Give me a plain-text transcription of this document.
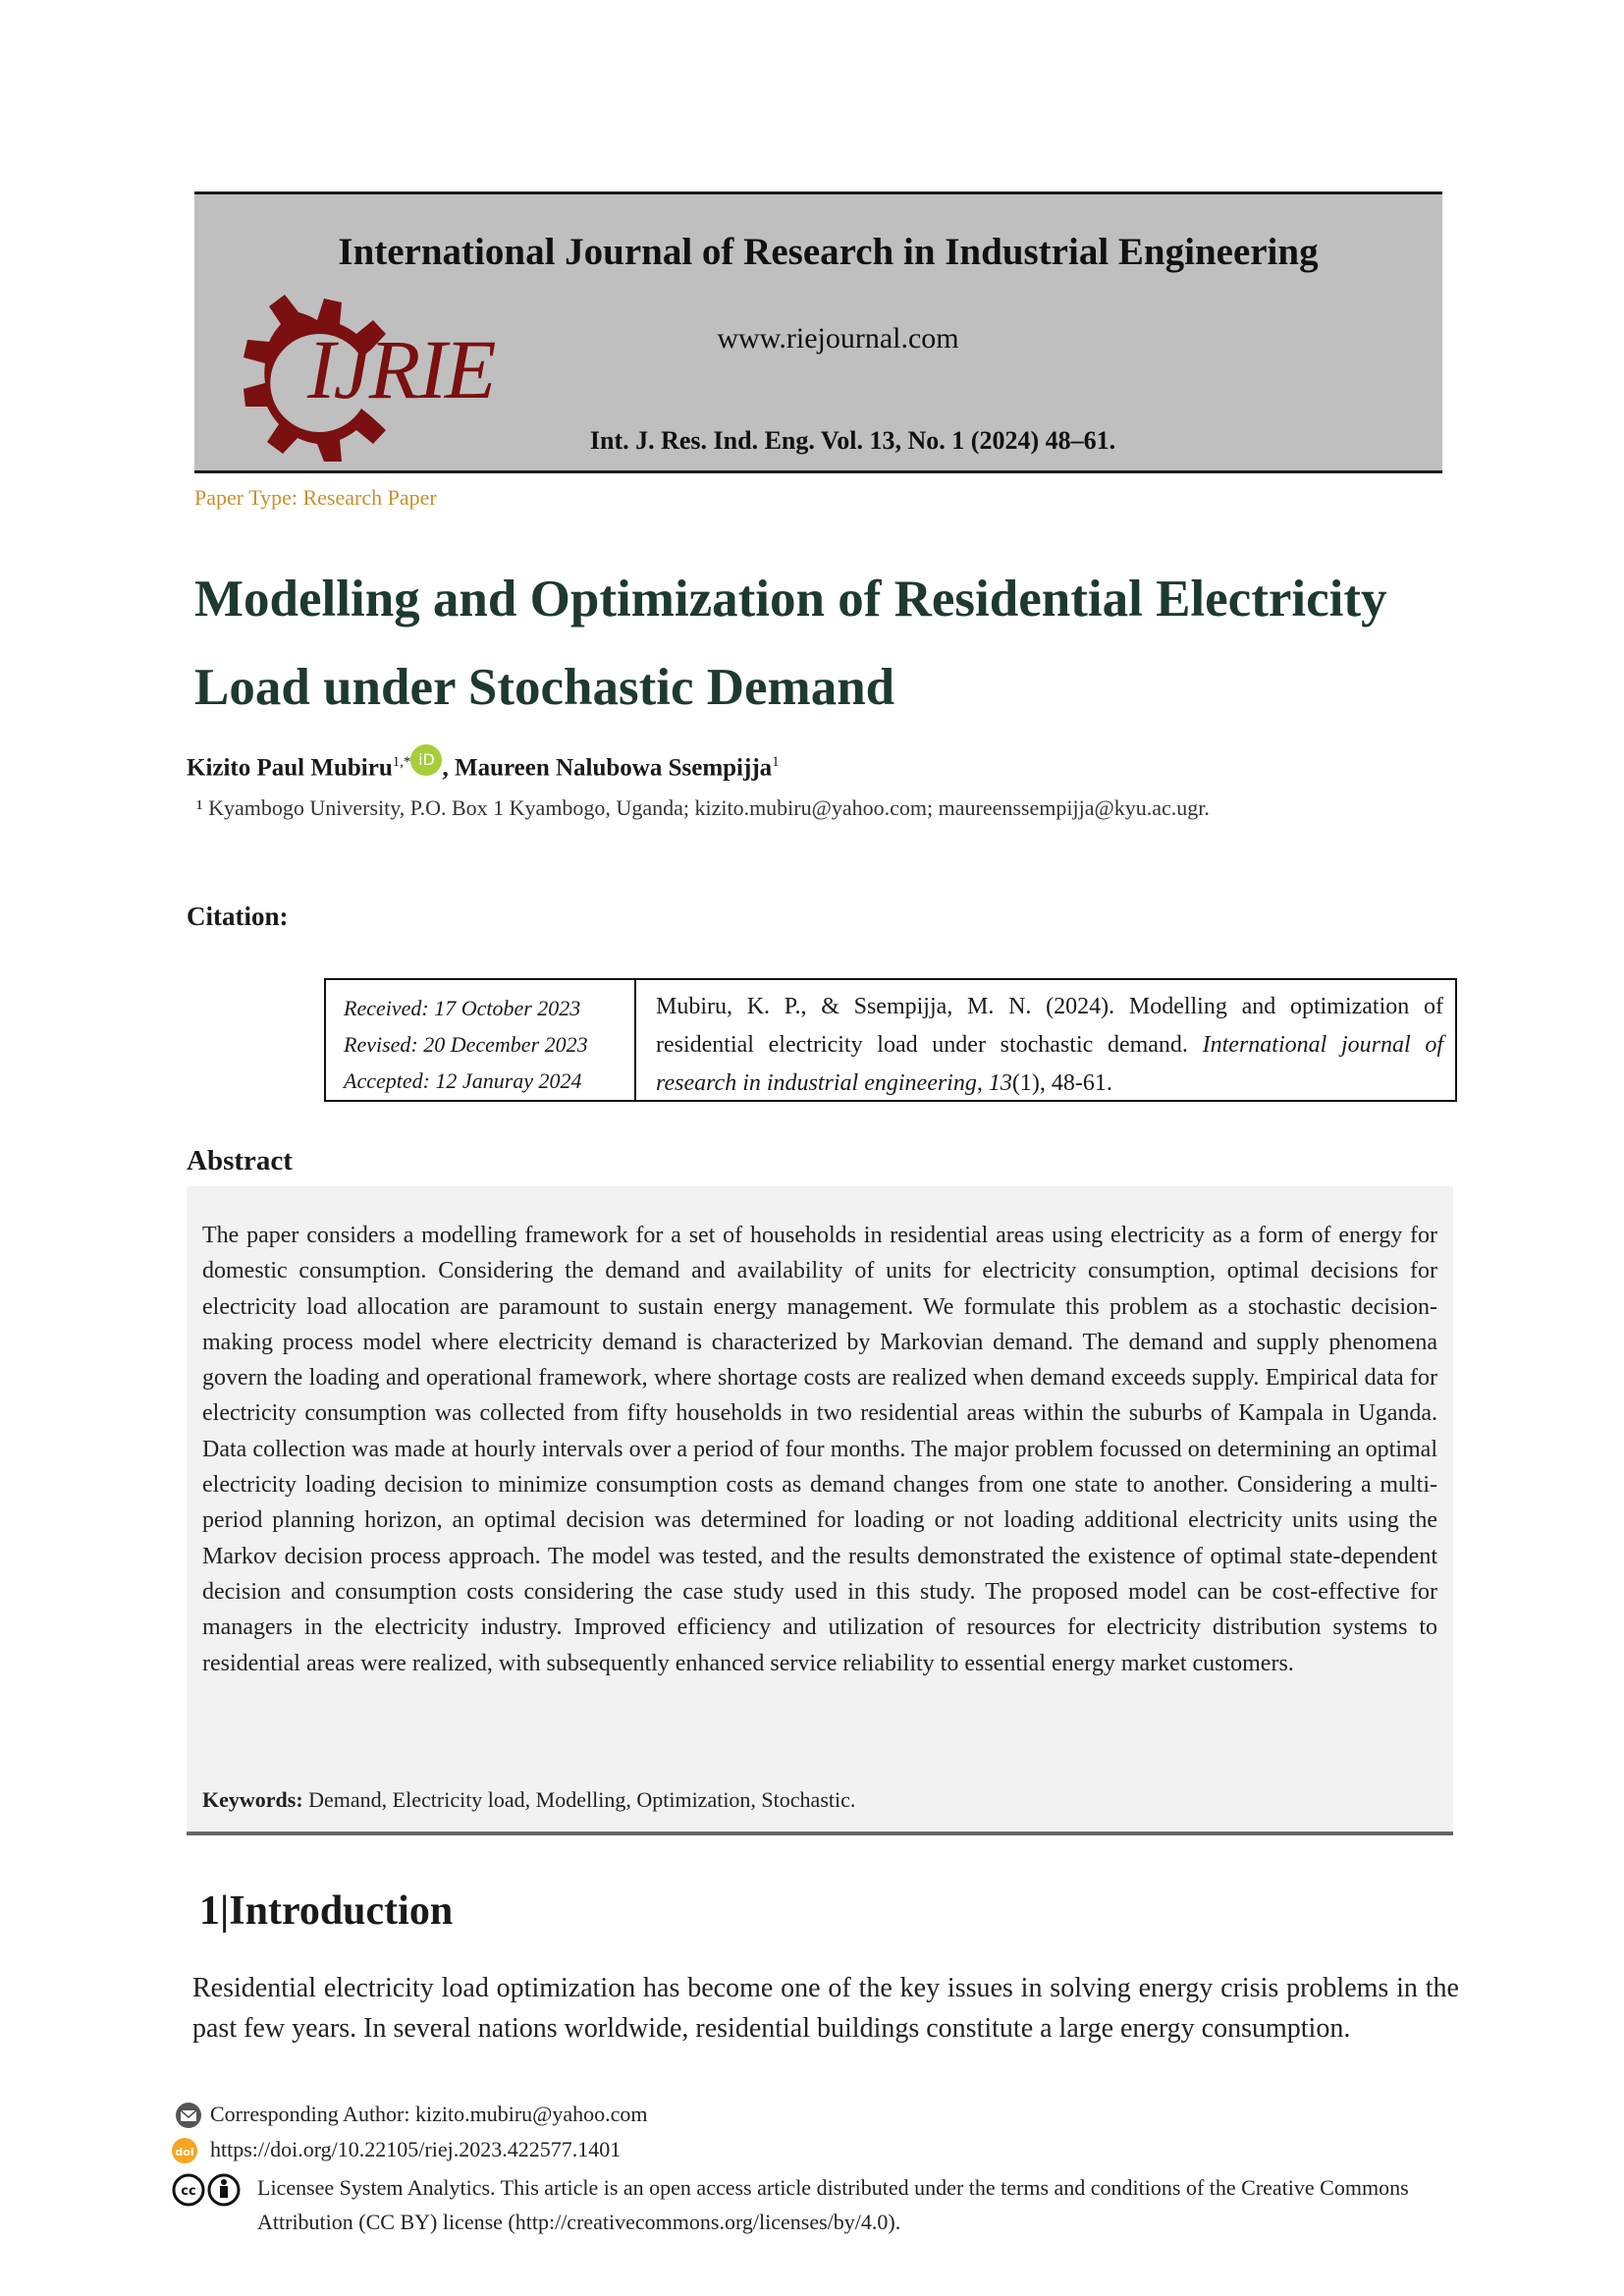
International Journal of Research in Industrial Engineering
www.riejournal.com
Int. J. Res. Ind. Eng. Vol. 13, No. 1 (2024) 48–61.
IJRIE
Paper Type: Research Paper
Modelling and Optimization of Residential Electricity Load under Stochastic Demand
Kizito Paul Mubiru$^{1,*}$ iD , Maureen Nalubowa Ssempijja$^1$
¹ Kyambogo University, P.O. Box 1 Kyambogo, Uganda; kizito.mubiru@yahoo.com; maureenssempijja@kyu.ac.ugr.
Citation:
Received: 17 October 2023
Revised: 20 December 2023
Accepted: 12 Januray 2024
Mubiru, K. P., & Ssempijja, M. N. (2024). Modelling and optimization of residential electricity load under stochastic demand. International journal of research in industrial engineering, 13(1), 48-61.
Abstract
The paper considers a modelling framework for a set of households in residential areas using electricity as a form of energy for domestic consumption. Considering the demand and availability of units for electricity consumption, optimal decisions for electricity load allocation are paramount to sustain energy management. We formulate this problem as a stochastic decision-making process model where electricity demand is characterized by Markovian demand. The demand and supply phenomena govern the loading and operational framework, where shortage costs are realized when demand exceeds supply. Empirical data for electricity consumption was collected from fifty households in two residential areas within the suburbs of Kampala in Uganda. Data collection was made at hourly intervals over a period of four months. The major problem focussed on determining an optimal electricity loading decision to minimize consumption costs as demand changes from one state to another. Considering a multi-period planning horizon, an optimal decision was determined for loading or not loading additional electricity units using the Markov decision process approach. The model was tested, and the results demonstrated the existence of optimal state-dependent decision and consumption costs considering the case study used in this study. The proposed model can be cost-effective for managers in the electricity industry. Improved efficiency and utilization of resources for electricity distribution systems to residential areas were realized, with subsequently enhanced service reliability to essential energy market customers.
Keywords: Demand, Electricity load, Modelling, Optimization, Stochastic.
1|Introduction
Residential electricity load optimization has become one of the key issues in solving energy crisis problems in the past few years. In several nations worldwide, residential buildings constitute a large energy consumption.
Corresponding Author: kizito.mubiru@yahoo.com
doi https://doi.org/10.22105/riej.2023.422577.1401
cc	Licensee System Analytics. This article is an open access article distributed under the terms and conditions of the Creative Commons Attribution (CC BY) license (http://creativecommons.org/licenses/by/4.0).
